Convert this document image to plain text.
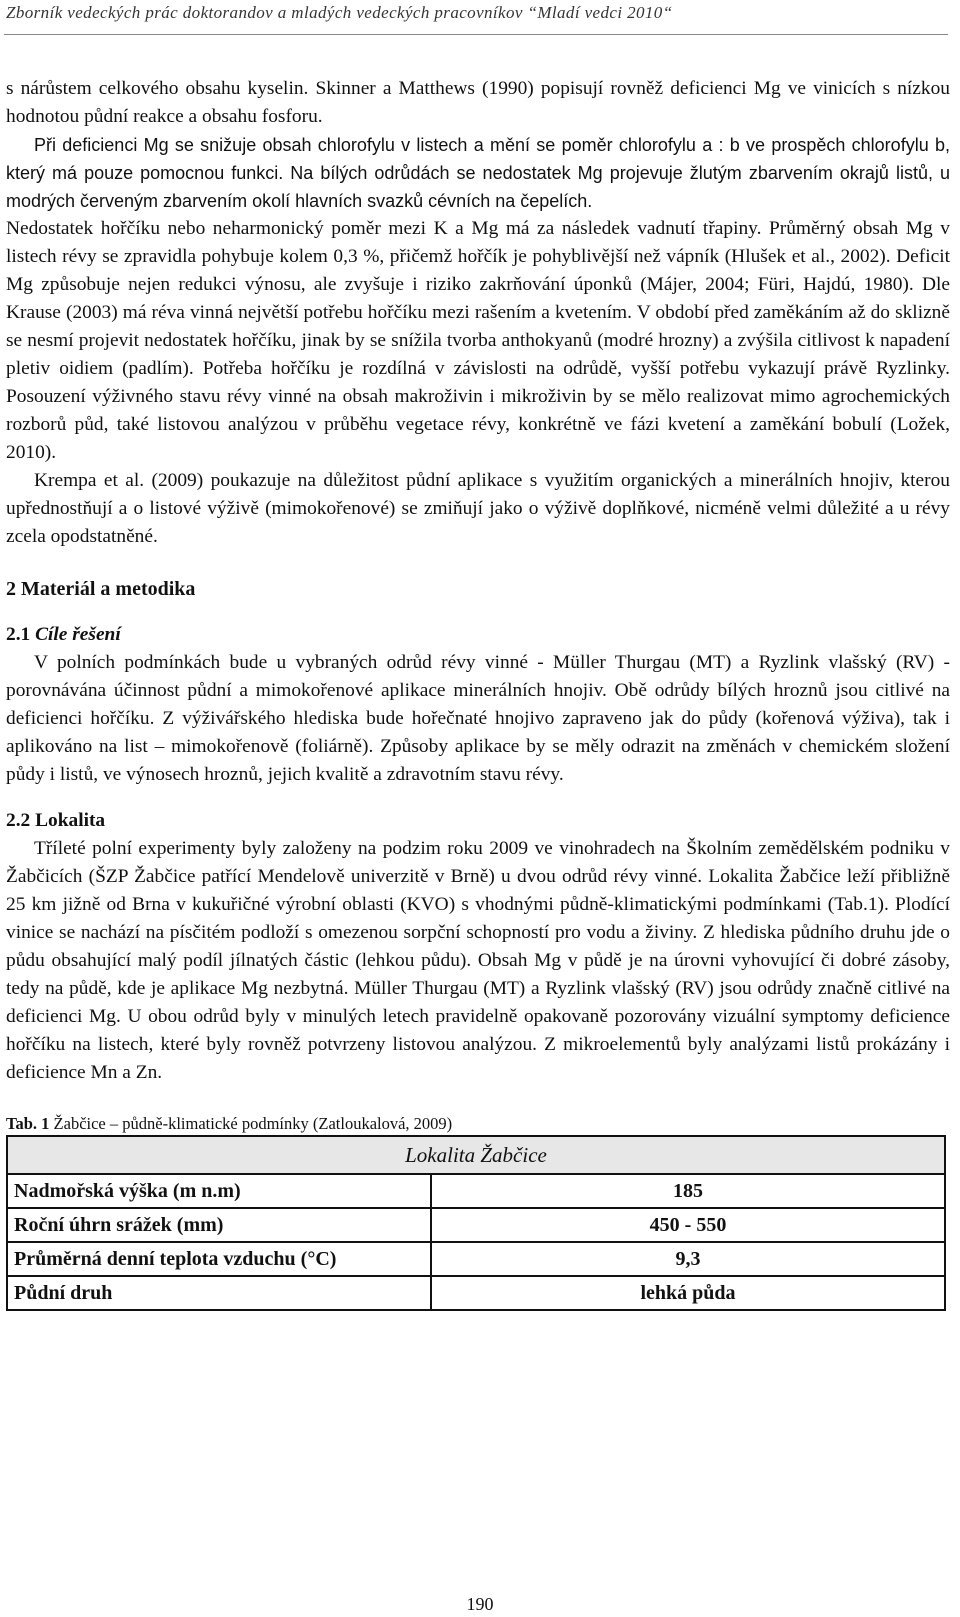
Zborník vedeckých prác doktorandov a mladých vedeckých pracovníkov “Mladí vedci 2010“

s nárůstem celkového obsahu kyselin. Skinner a Matthews (1990) popisují rovněž deficienci Mg ve vinicích s nízkou hodnotou půdní reakce a obsahu fosforu.

Při deficienci Mg se snižuje obsah chlorofylu v listech a mění se poměr chlorofylu a : b ve prospěch chlorofylu b, který má pouze pomocnou funkci. Na bílých odrůdách se nedostatek Mg projevuje žlutým zbarvením okrajů listů, u modrých červeným zbarvením okolí hlavních svazků cévních na čepelích.

Nedostatek hořčíku nebo neharmonický poměr mezi K a Mg má za následek vadnutí třapiny. Průměrný obsah Mg v listech révy se zpravidla pohybuje kolem 0,3 %, přičemž hořčík je pohyblivější než vápník (Hlušek et al., 2002). Deficit Mg způsobuje nejen redukci výnosu, ale zvyšuje i riziko zakrňování úponků (Májer, 2004; Füri, Hajdú, 1980). Dle Krause (2003) má réva vinná největší potřebu hořčíku mezi rašením a kvetením. V období před zaměkáním až do sklizně se nesmí projevit nedostatek hořčíku, jinak by se snížila tvorba anthokyanů (modré hrozny) a zvýšila citlivost k napadení pletiv oidiem (padlím). Potřeba hořčíku je rozdílná v závislosti na odrůdě, vyšší potřebu vykazují právě Ryzlinky. Posouzení výživného stavu révy vinné na obsah makroživin i mikroživin by se mělo realizovat mimo agrochemických rozborů půd, také listovou analýzou v průběhu vegetace révy, konkrétně ve fázi kvetení a zaměkání bobulí (Ložek, 2010).

Krempa et al. (2009) poukazuje na důležitost půdní aplikace s využitím organických a minerálních hnojiv, kterou upřednostňují a o listové výživě (mimokořenové) se zmiňují jako o výživě doplňkové, nicméně velmi důležité a u révy zcela opodstatněné.

2 Materiál a metodika
2.1 Cíle řešení

V polních podmínkách bude u vybraných odrůd révy vinné - Müller Thurgau (MT) a Ryzlink vlašský (RV) - porovnávána účinnost půdní a mimokořenové aplikace minerálních hnojiv. Obě odrůdy bílých hroznů jsou citlivé na deficienci hořčíku. Z výživářského hlediska bude hořečnaté hnojivo zapraveno jak do půdy (kořenová výživa), tak i aplikováno na list – mimokořenově (foliárně). Způsoby aplikace by se měly odrazit na změnách v chemickém složení půdy i listů, ve výnosech hroznů, jejich kvalitě a zdravotním stavu révy.

2.2 Lokalita

Tříleté polní experimenty byly založeny na podzim roku 2009 ve vinohradech na Školním zemědělském podniku v Žabčicích (ŠZP Žabčice patřící Mendelově univerzitě v Brně) u dvou odrůd révy vinné. Lokalita Žabčice leží přibližně 25 km jižně od Brna v kukuřičné výrobní oblasti (KVO) s vhodnými půdně-klimatickými podmínkami (Tab.1). Plodící vinice se nachází na písčitém podloží s omezenou sorpční schopností pro vodu a živiny. Z hlediska půdního druhu jde o půdu obsahující malý podíl jílnatých částic (lehkou půdu). Obsah Mg v půdě je na úrovni vyhovující či dobré zásoby, tedy na půdě, kde je aplikace Mg nezbytná. Müller Thurgau (MT) a Ryzlink vlašský (RV) jsou odrůdy značně citlivé na deficienci Mg. U obou odrůd byly v minulých letech pravidelně opakovaně pozorovány vizuální symptomy deficience hořčíku na listech, které byly rovněž potvrzeny listovou analýzou. Z mikroelementů byly analýzami listů prokázány i deficience Mn a Zn.

Tab. 1 Žabčice – půdně-klimatické podmínky (Zatloukalová, 2009)

Lokalita Žabčice	
Nadmořská výška (m n.m)	185
Roční úhrn srážek (mm)	450 - 550
Průměrná denní teplota vzduchu (°C)	9,3
Půdní druh	lehká půda
190
